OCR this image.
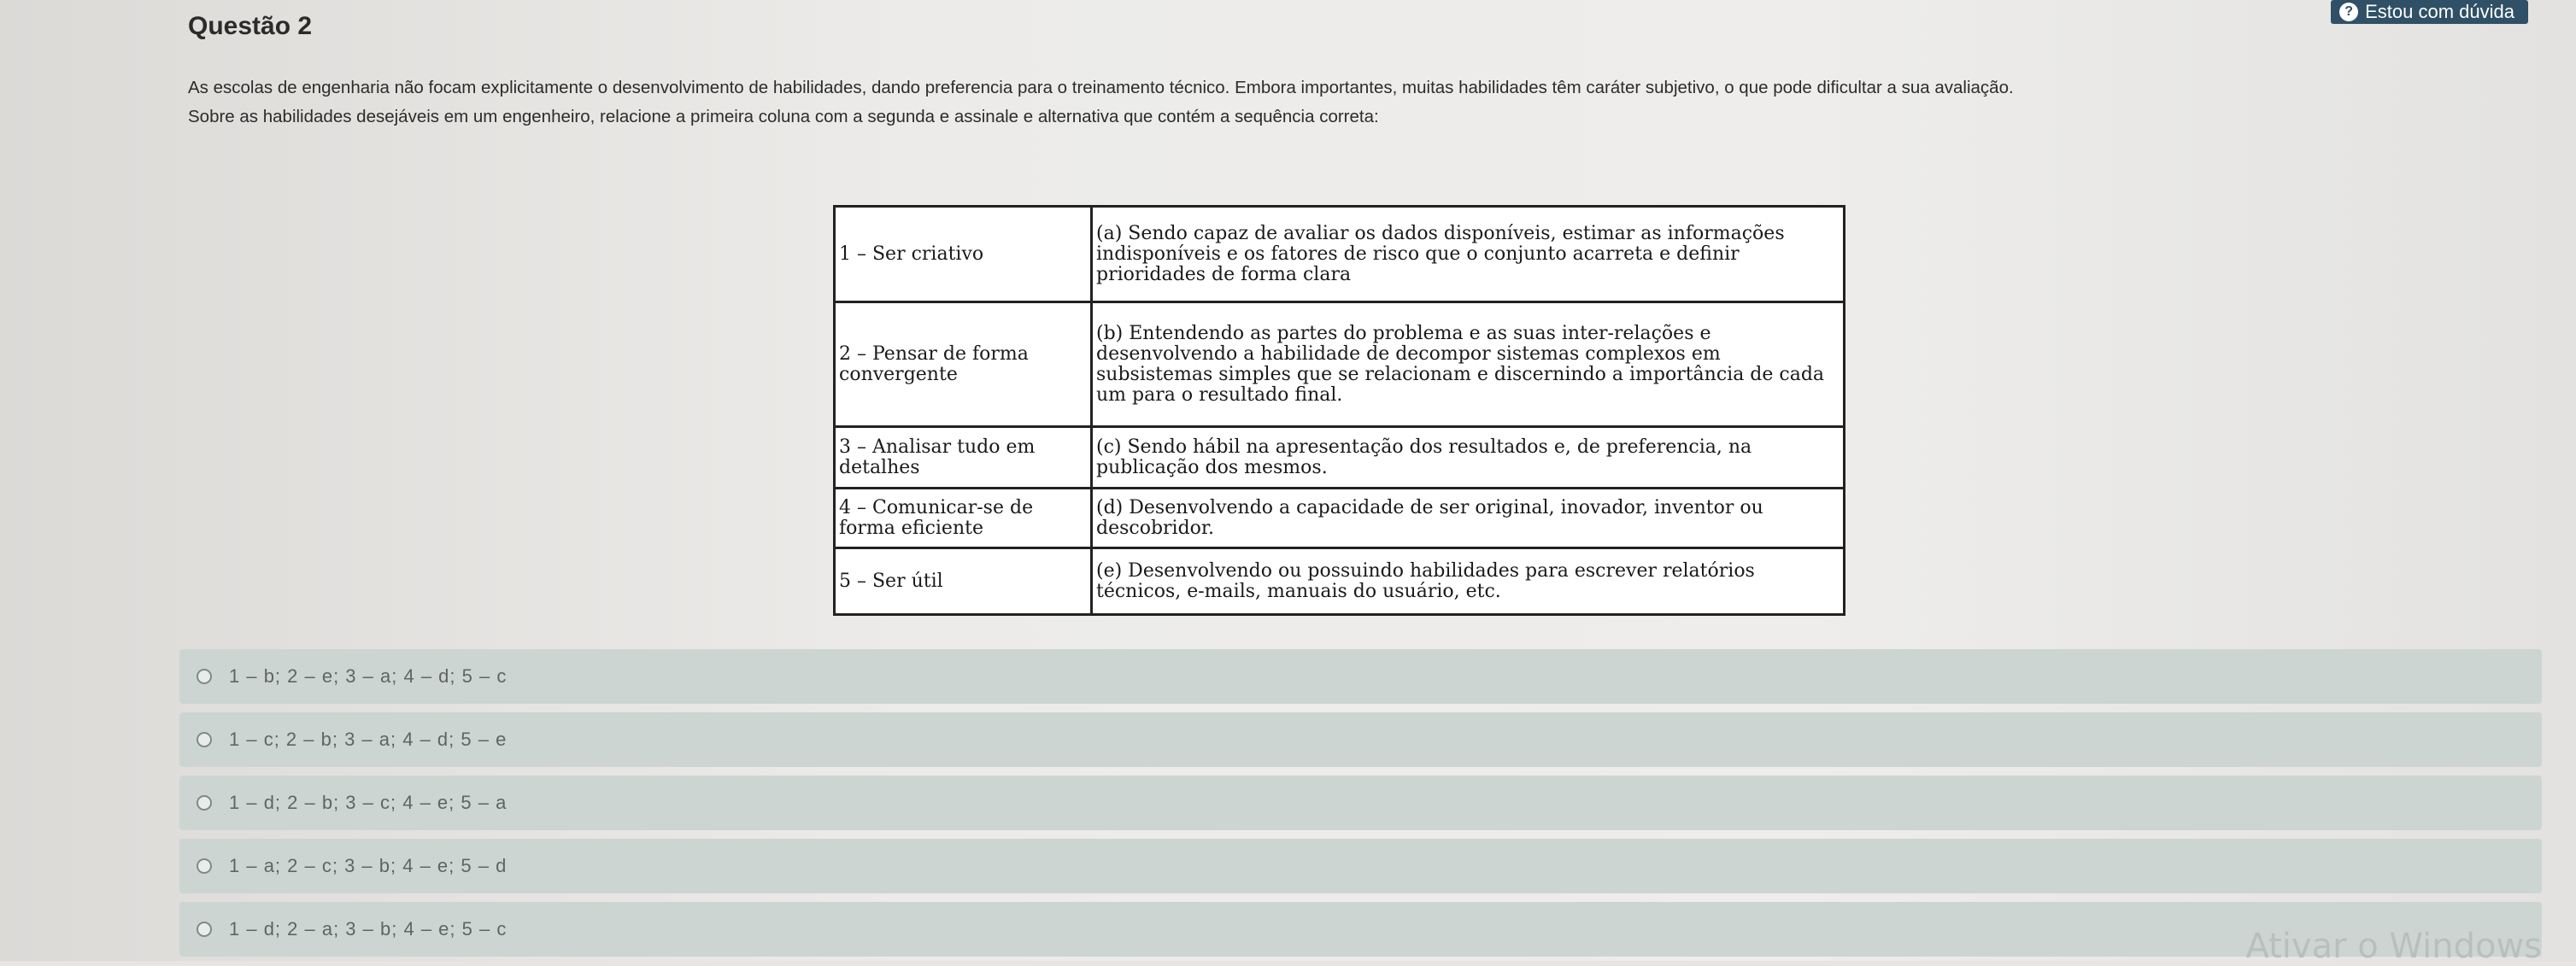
Questão 2
? Estou com dúvida
As escolas de engenharia não focam explicitamente o desenvolvimento de habilidades, dando preferencia para o treinamento técnico. Embora importantes, muitas habilidades têm caráter subjetivo, o que pode dificultar a sua avaliação.
Sobre as habilidades desejáveis em um engenheiro, relacione a primeira coluna com a segunda e assinale e alternativa que contém a sequência correta:
1 – Ser criativo	(a) Sendo capaz de avaliar os dados disponíveis, estimar as informações indisponíveis e os fatores de risco que o conjunto acarreta e definir prioridades de forma clara
2 – Pensar de forma convergente	(b) Entendendo as partes do problema e as suas inter-relações e desenvolvendo a habilidade de decompor sistemas complexos em subsistemas simples que se relacionam e discernindo a importância de cada um para o resultado final.
3 – Analisar tudo em detalhes	(c) Sendo hábil na apresentação dos resultados e, de preferencia, na publicação dos mesmos.
4 – Comunicar-se de forma eficiente	(d) Desenvolvendo a capacidade de ser original, inovador, inventor ou descobridor.
5 – Ser útil	(e) Desenvolvendo ou possuindo habilidades para escrever relatórios técnicos, e-mails, manuais do usuário, etc.
1 – b; 2 – e; 3 – a; 4 – d; 5 – c
1 – c; 2 – b; 3 – a; 4 – d; 5 – e
1 – d; 2 – b; 3 – c; 4 – e; 5 – a
1 – a; 2 – c; 3 – b; 4 – e; 5 – d
1 – d; 2 – a; 3 – b; 4 – e; 5 – c	Ativar o Windows
